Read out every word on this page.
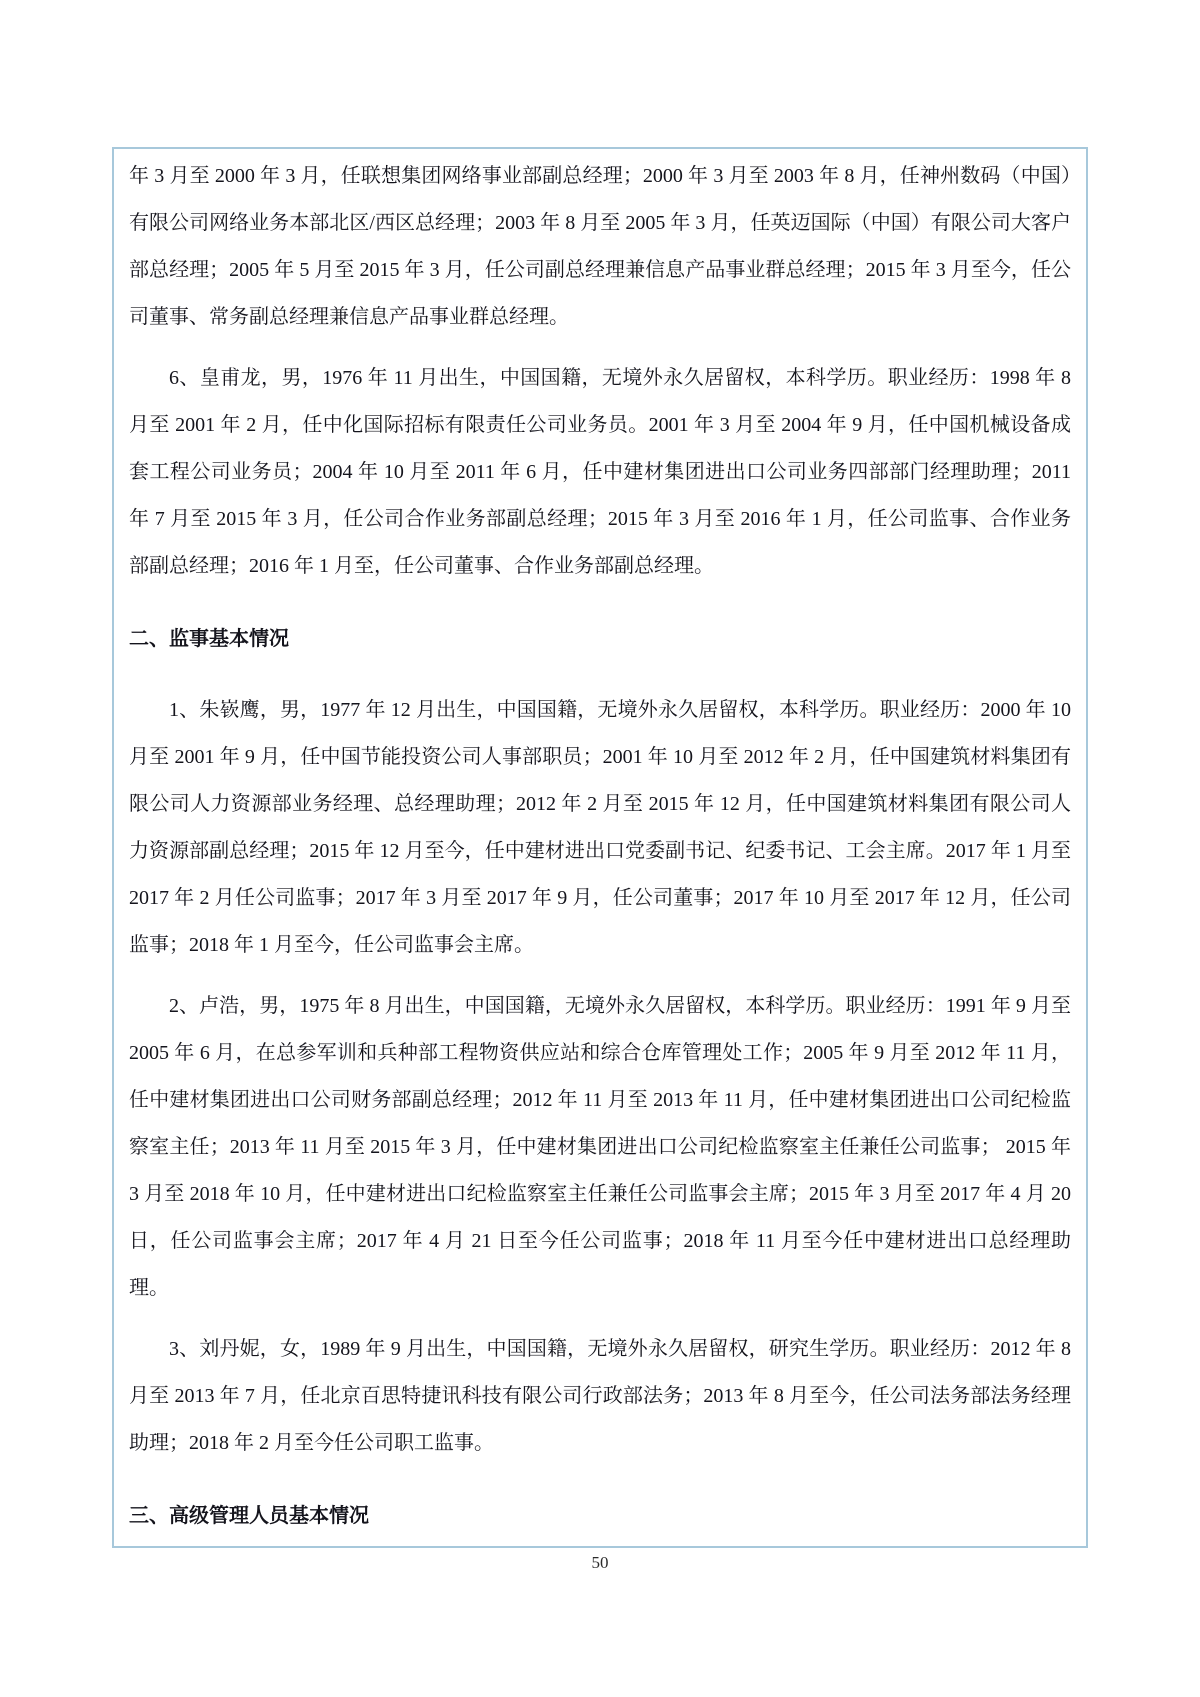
年 3 月至 2000 年 3 月，任联想集团网络事业部副总经理；2000 年 3 月至 2003 年 8 月，任神州数码（中国）有限公司网络业务本部北区/西区总经理；2003 年 8 月至 2005 年 3 月，任英迈国际（中国）有限公司大客户部总经理；2005 年 5 月至 2015 年 3 月，任公司副总经理兼信息产品事业群总经理；2015 年 3 月至今，任公司董事、常务副总经理兼信息产品事业群总经理。

6、皇甫龙，男，1976 年 11 月出生，中国国籍，无境外永久居留权，本科学历。职业经历：1998 年 8 月至 2001 年 2 月，任中化国际招标有限责任公司业务员。2001 年 3 月至 2004 年 9 月，任中国机械设备成套工程公司业务员；2004 年 10 月至 2011 年 6 月，任中建材集团进出口公司业务四部部门经理助理；2011 年 7 月至 2015 年 3 月，任公司合作业务部副总经理；2015 年 3 月至 2016 年 1 月，任公司监事、合作业务部副总经理；2016 年 1 月至，任公司董事、合作业务部副总经理。

二、监事基本情况

1、朱嵚鹰，男，1977 年 12 月出生，中国国籍，无境外永久居留权，本科学历。职业经历：2000 年 10 月至 2001 年 9 月，任中国节能投资公司人事部职员；2001 年 10 月至 2012 年 2 月，任中国建筑材料集团有限公司人力资源部业务经理、总经理助理；2012 年 2 月至 2015 年 12 月，任中国建筑材料集团有限公司人力资源部副总经理；2015 年 12 月至今，任中建材进出口党委副书记、纪委书记、工会主席。2017 年 1 月至 2017 年 2 月任公司监事；2017 年 3 月至 2017 年 9 月，任公司董事；2017 年 10 月至 2017 年 12 月，任公司监事；2018 年 1 月至今，任公司监事会主席。

2、卢浩，男，1975 年 8 月出生，中国国籍，无境外永久居留权，本科学历。职业经历：1991 年 9 月至 2005 年 6 月，在总参军训和兵种部工程物资供应站和综合仓库管理处工作；2005 年 9 月至 2012 年 11 月，任中建材集团进出口公司财务部副总经理；2012 年 11 月至 2013 年 11 月，任中建材集团进出口公司纪检监察室主任；2013 年 11 月至 2015 年 3 月，任中建材集团进出口公司纪检监察室主任兼任公司监事； 2015 年 3 月至 2018 年 10 月，任中建材进出口纪检监察室主任兼任公司监事会主席；2015 年 3 月至 2017 年 4 月 20 日，任公司监事会主席；2017 年 4 月 21 日至今任公司监事；2018 年 11 月至今任中建材进出口总经理助理。

3、刘丹妮，女，1989 年 9 月出生，中国国籍，无境外永久居留权，研究生学历。职业经历：2012 年 8 月至 2013 年 7 月，任北京百思特捷讯科技有限公司行政部法务；2013 年 8 月至今，任公司法务部法务经理助理；2018 年 2 月至今任公司职工监事。

三、高级管理人员基本情况
50
